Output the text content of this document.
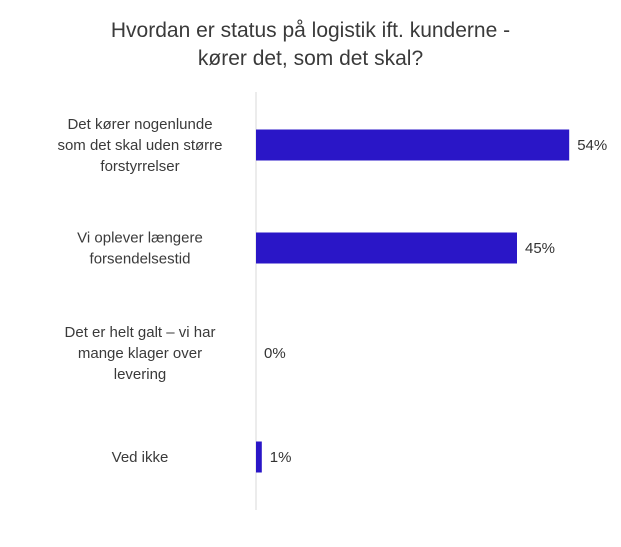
Hvordan er status på logistik ift. kunderne -
kører det, som det skal?
54%
Det kører nogenlunde som det skal uden større forstyrrelser
45%
Vi oplever længere forsendelsestid
0%
Det er helt galt – vi har mange klager over levering
1%
Ved ikke
